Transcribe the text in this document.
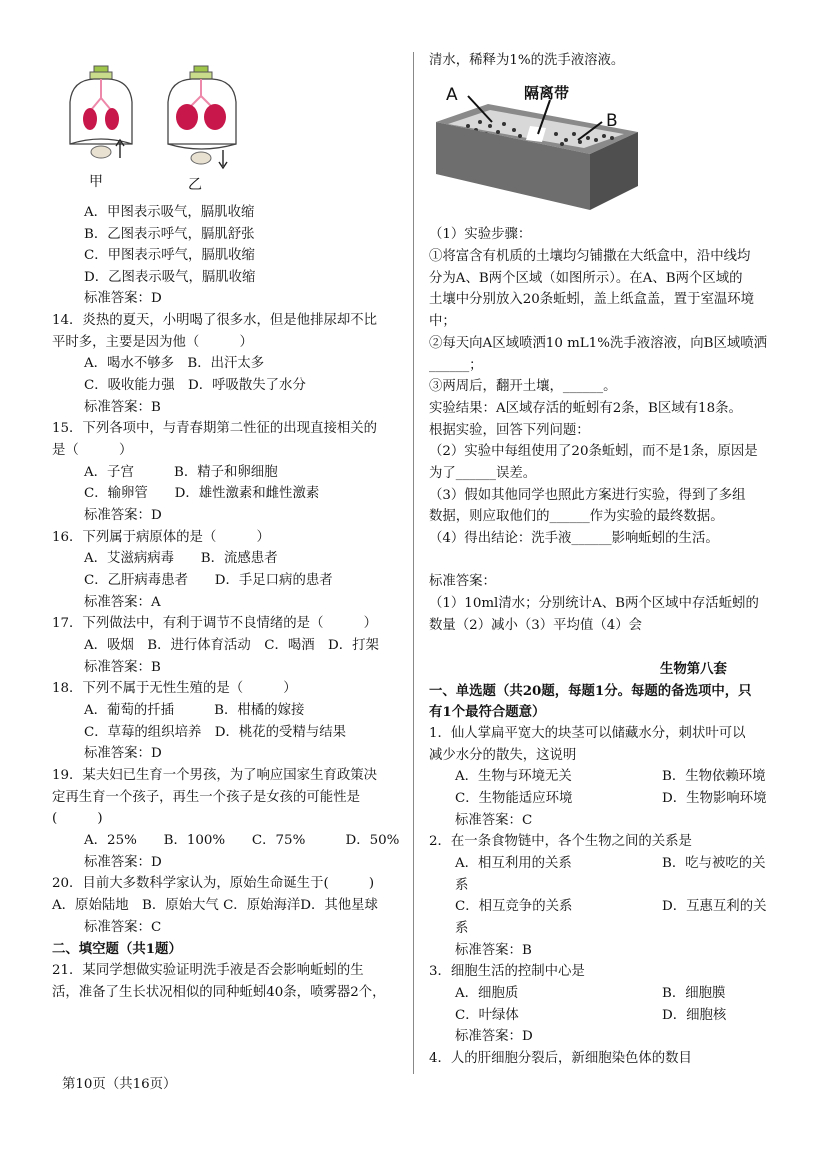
甲	乙
A．甲图表示吸气，膈肌收缩
B．乙图表示呼气，膈肌舒张
C．甲图表示呼气，膈肌收缩
D．乙图表示吸气，膈肌收缩
标准答案：D
14．炎热的夏天，小明喝了很多水，但是他排尿却不比
平时多，主要是因为他（　　　）
A．喝水不够多　B．出汗太多
C．吸收能力强　D．呼吸散失了水分
标准答案：B
15．下列各项中，与青春期第二性征的出现直接相关的
是（　　　）
A．子宫　　　B．精子和卵细胞
C．输卵管　　D．雄性激素和雌性激素
标准答案：D
16．下列属于病原体的是（　　　）
A．艾滋病病毒　　B．流感患者
C．乙肝病毒患者　　D．手足口病的患者
标准答案：A
17．下列做法中，有利于调节不良情绪的是（　　　）
A．吸烟　B．进行体育活动　C．喝酒　D．打架
标准答案：B
18．下列不属于无性生殖的是（　　　）
A．葡萄的扦插　　　B．柑橘的嫁接
C．草莓的组织培养　D．桃花的受精与结果
标准答案：D
19．某夫妇已生育一个男孩，为了响应国家生育政策决
定再生育一个孩子，再生一个孩子是女孩的可能性是
(　　　)
A．25%　　B．100%　　C．75%　　　D．50%
标准答案：D
20．目前大多数科学家认为，原始生命诞生于(　　　)
A．原始陆地　B．原始大气 C．原始海洋D．其他星球
标准答案：C
二、填空题（共1题）
21．某同学想做实验证明洗手液是否会影响蚯蚓的生
活，准备了生长状况相似的同种蚯蚓40条，喷雾器2个，
清水，稀释为1%的洗手液溶液。
A
B
隔离带
（1）实验步骤：
①将富含有机质的土壤均匀铺撒在大纸盒中，沿中线均
分为A、B两个区域（如图所示）。在A、B两个区域的
土壤中分别放入20条蚯蚓，盖上纸盒盖，置于室温环境
中；
②每天向A区域喷洒10 mL1%洗手液溶液，向B区域喷洒
______；
③两周后，翻开土壤，______。
实验结果：A区域存活的蚯蚓有2条，B区域有18条。
根据实验，回答下列问题：
（2）实验中每组使用了20条蚯蚓，而不是1条，原因是
为了______误差。
（3）假如其他同学也照此方案进行实验，得到了多组
数据，则应取他们的______作为实验的最终数据。
（4）得出结论：洗手液______影响蚯蚓的生活。
标准答案：
（1）10ml清水；分别统计A、B两个区域中存活蚯蚓的
数量（2）减小（3）平均值（4）会
生物第八套
一、单选题（共20题，每题1分。每题的备选项中，只
有1个最符合题意）
1．仙人掌扁平宽大的块茎可以储藏水分，刺状叶可以
减少水分的散失，这说明
A．生物与环境无关	B．生物依赖环境
C．生物能适应环境	D．生物影响环境
标准答案：C
2．在一条食物链中，各个生物之间的关系是
A．相互利用的关系	B．吃与被吃的关
系
C．相互竞争的关系	D．互惠互利的关
系
标准答案：B
3．细胞生活的控制中心是
A．细胞质	B．细胞膜
C．叶绿体	D．细胞核
标准答案：D
4．人的肝细胞分裂后，新细胞染色体的数目
第10页（共16页）
